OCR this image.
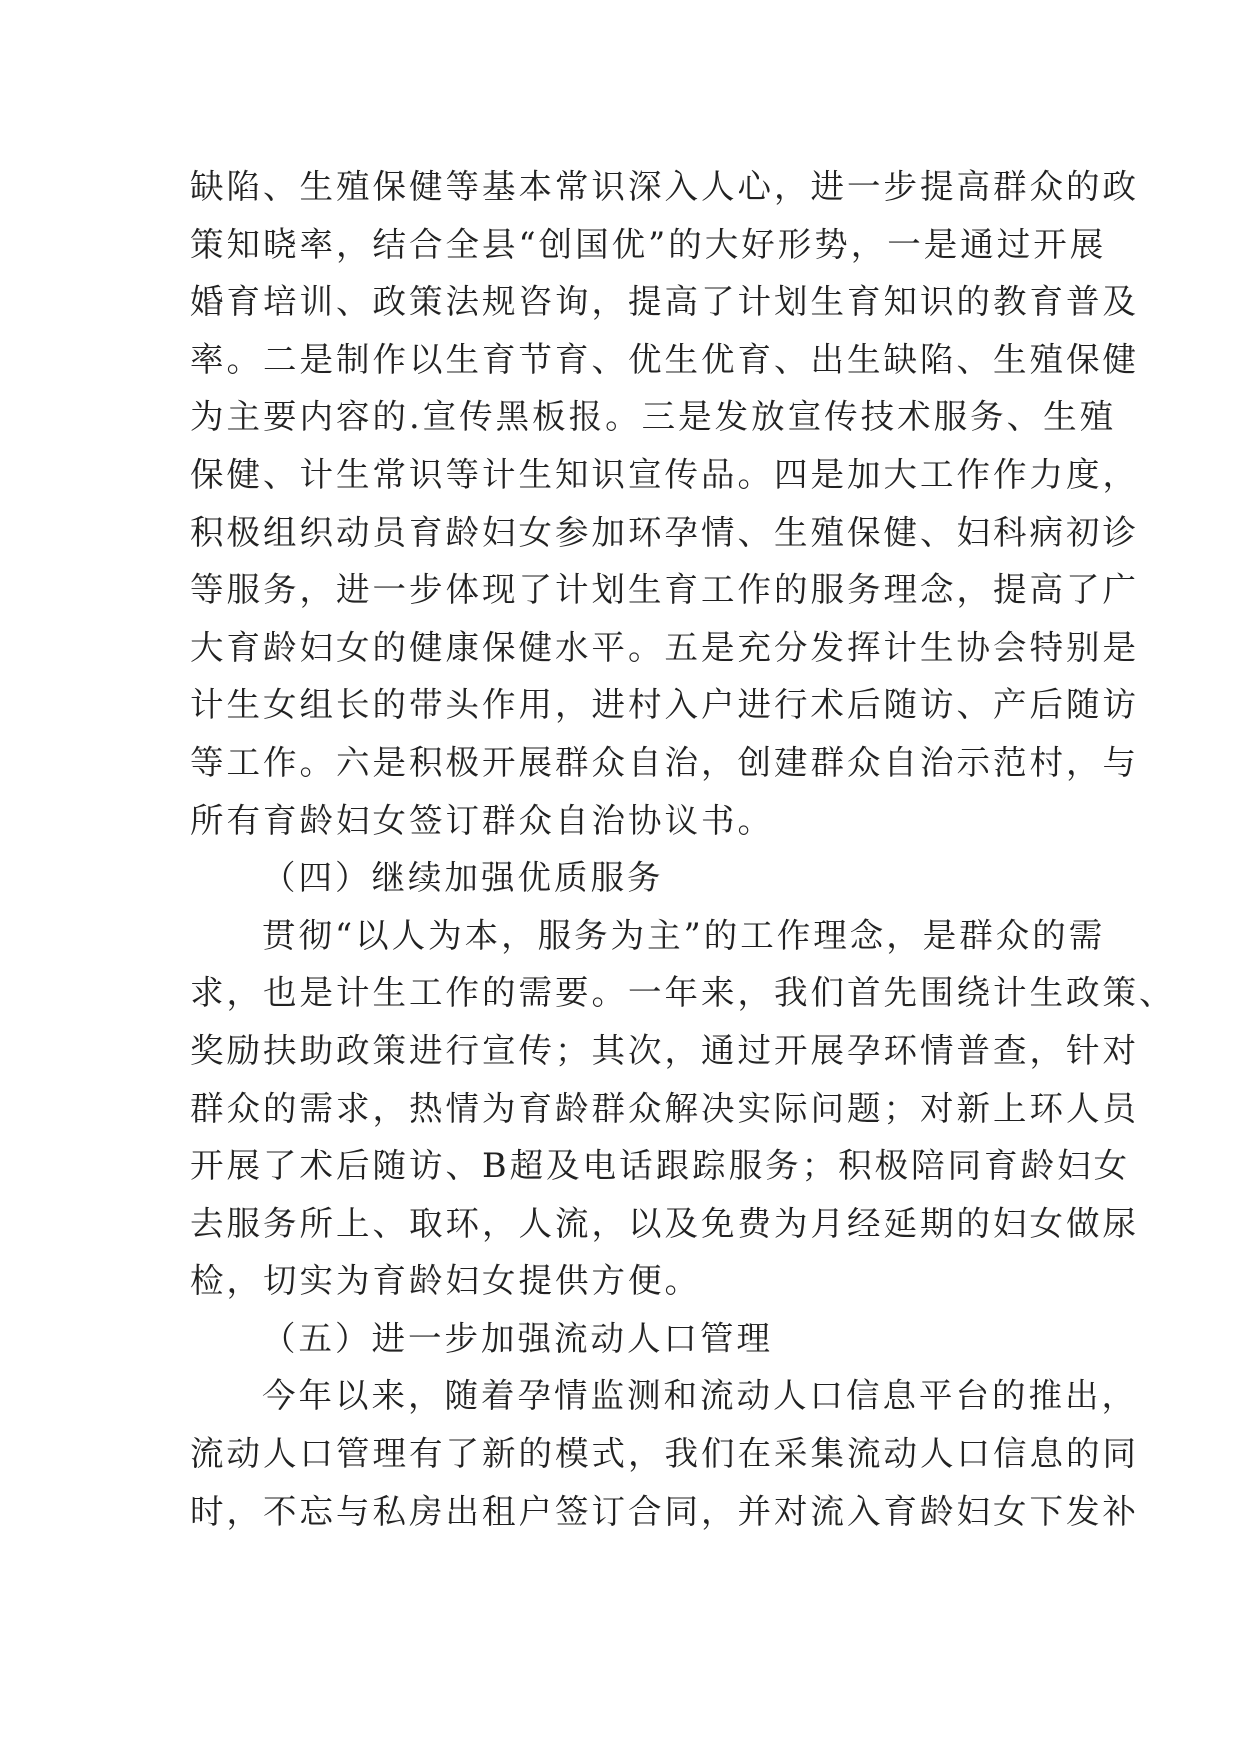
缺陷、生殖保健等基本常识深入人心，进一步提高群众的政
策知晓率，结合全县“创国优”的大好形势，一是通过开展
婚育培训、政策法规咨询，提高了计划生育知识的教育普及
率。二是制作以生育节育、优生优育、出生缺陷、生殖保健
为主要内容的.宣传黑板报。三是发放宣传技术服务、生殖
保健、计生常识等计生知识宣传品。四是加大工作作力度，
积极组织动员育龄妇女参加环孕情、生殖保健、妇科病初诊
等服务，进一步体现了计划生育工作的服务理念，提高了广
大育龄妇女的健康保健水平。五是充分发挥计生协会特别是
计生女组长的带头作用，进村入户进行术后随访、产后随访
等工作。六是积极开展群众自治，创建群众自治示范村，与
所有育龄妇女签订群众自治协议书。
（四）继续加强优质服务
贯彻“以人为本，服务为主”的工作理念，是群众的需
求，也是计生工作的需要。一年来，我们首先围绕计生政策、
奖励扶助政策进行宣传；其次，通过开展孕环情普查，针对
群众的需求，热情为育龄群众解决实际问题；对新上环人员
开展了术后随访、B超及电话跟踪服务；积极陪同育龄妇女
去服务所上、取环，人流，以及免费为月经延期的妇女做尿
检，切实为育龄妇女提供方便。
（五）进一步加强流动人口管理
今年以来，随着孕情监测和流动人口信息平台的推出，
流动人口管理有了新的模式，我们在采集流动人口信息的同
时，不忘与私房出租户签订合同，并对流入育龄妇女下发补
